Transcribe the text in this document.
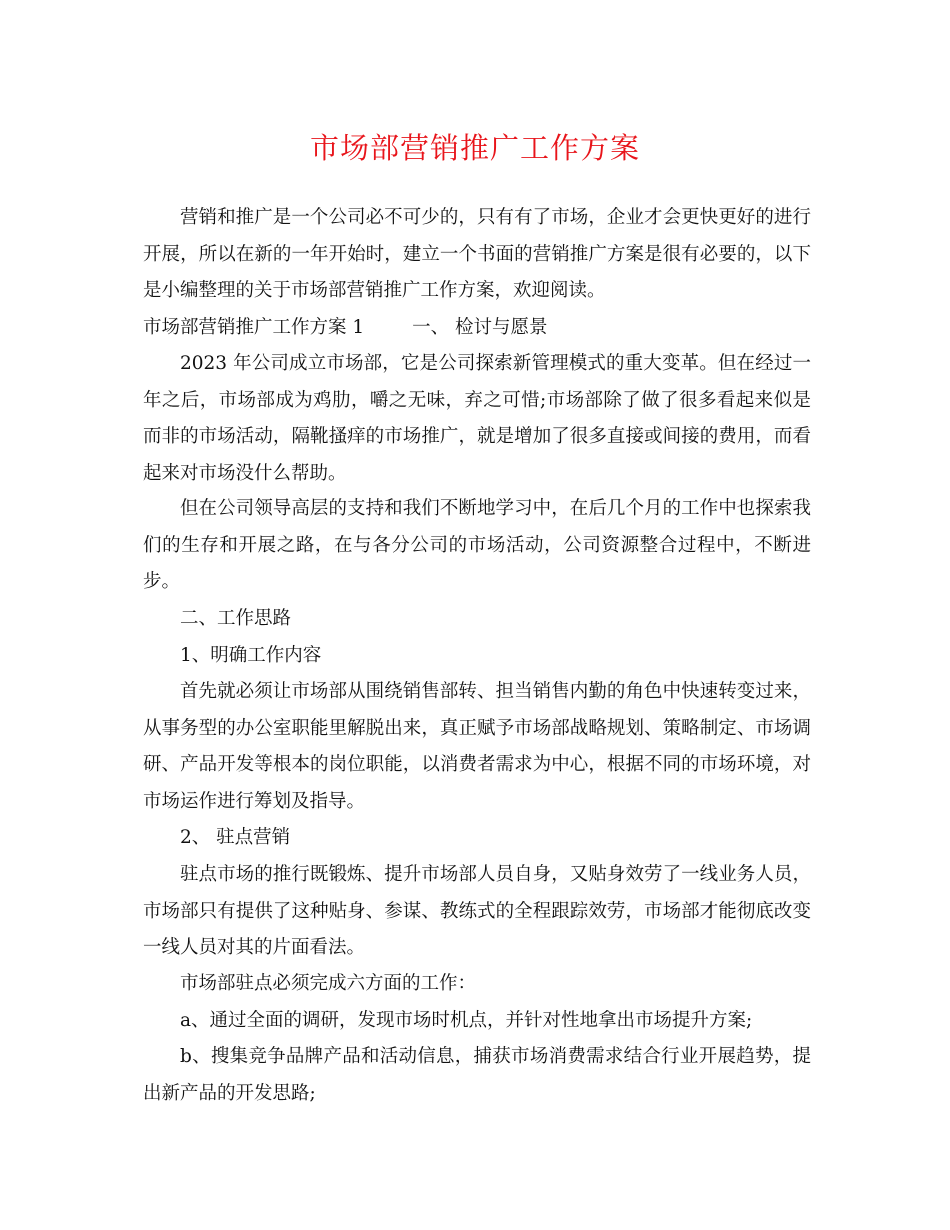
市场部营销推广工作方案

营销和推广是一个公司必不可少的，只有有了市场，企业才会更快更好的进行开展，所以在新的一年开始时，建立一个书面的营销推广方案是很有必要的，以下是小编整理的关于市场部营销推广工作方案，欢迎阅读。

市场部营销推广工作方案 1	一、 检讨与愿景

2023 年公司成立市场部，它是公司探索新管理模式的重大变革。但在经过一年之后，市场部成为鸡肋，嚼之无味，弃之可惜;市场部除了做了很多看起来似是而非的市场活动，隔靴搔痒的市场推广，就是增加了很多直接或间接的费用，而看起来对市场没什么帮助。

但在公司领导高层的支持和我们不断地学习中，在后几个月的工作中也探索我们的生存和开展之路，在与各分公司的市场活动，公司资源整合过程中，不断进步。

二、工作思路

1、明确工作内容

首先就必须让市场部从围绕销售部转、担当销售内勤的角色中快速转变过来，从事务型的办公室职能里解脱出来，真正赋予市场部战略规划、策略制定、市场调研、产品开发等根本的岗位职能，以消费者需求为中心，根据不同的市场环境，对市场运作进行筹划及指导。

2、 驻点营销

驻点市场的推行既锻炼、提升市场部人员自身，又贴身效劳了一线业务人员，市场部只有提供了这种贴身、参谋、教练式的全程跟踪效劳，市场部才能彻底改变一线人员对其的片面看法。

市场部驻点必须完成六方面的工作：

a、通过全面的调研，发现市场时机点，并针对性地拿出市场提升方案;

b、搜集竞争品牌产品和活动信息，捕获市场消费需求结合行业开展趋势，提出新产品的开发思路;
